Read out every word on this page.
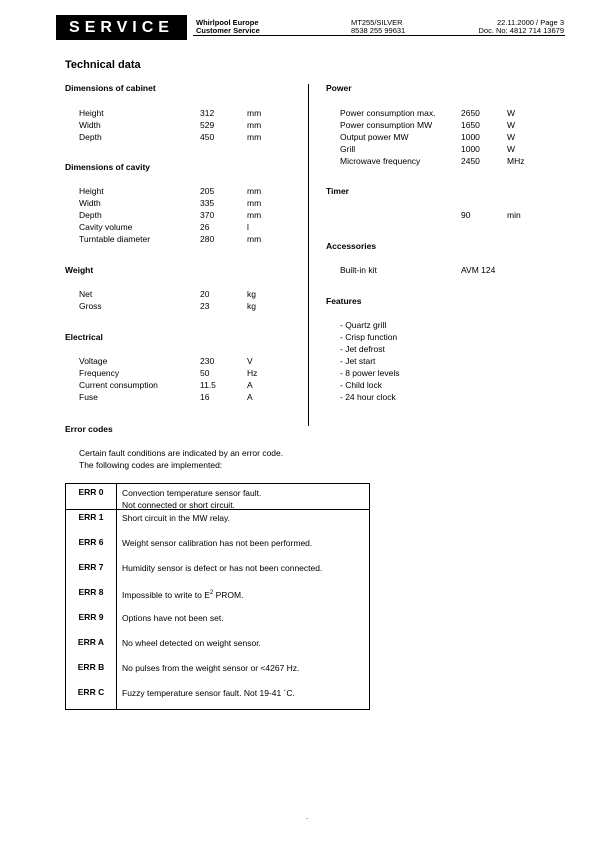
SERVICE	Whirlpool Europe
Customer Service
MT255/SILVER
8538 255 99631
22.11.2000 / Page 3
Doc. No: 4812 714 13679
Technical data
Dimensions of cabinet
Height	312	mm
Width	529	mm
Depth	450	mm
Dimensions of cavity
Height	205	mm
Width	335	mm
Depth	370	mm
Cavity volume	26	l
Turntable diameter	280	mm
Weight
Net	20	kg
Gross	23	kg
Electrical
Voltage	230	V
Frequency	50	Hz
Current consumption	11.5	A
Fuse	16	A
Power
Power consumption max.	2650	W
Power consumption MW	1650	W
Output power MW	1000	W
Grill	1000	W
Microwave frequency	2450	MHz
Timer
90	min
Accessories
Built-in kit	AVM 124
Features
- Quartz grill
- Crisp function
- Jet defrost
- Jet start
- 8 power levels
- Child lock
- 24 hour clock
Error codes
Certain fault conditions are indicated by an error code.
The following codes are implemented:
ERR 0	Convection temperature sensor fault.
Not connected or short circuit.
ERR 1	Short circuit in the MW relay.
ERR 6	Weight sensor calibration has not been performed.
ERR 7	Humidity sensor is defect or has not been connected.
ERR 8	Impossible to write to $E^2$ PROM.
ERR 9	Options have not been set.
ERR A	No wheel detected on weight sensor.
ERR B	No pulses from the weight sensor or <4267 Hz.
ERR C	Fuzzy temperature sensor fault. Not 19-41 ´C.
.
